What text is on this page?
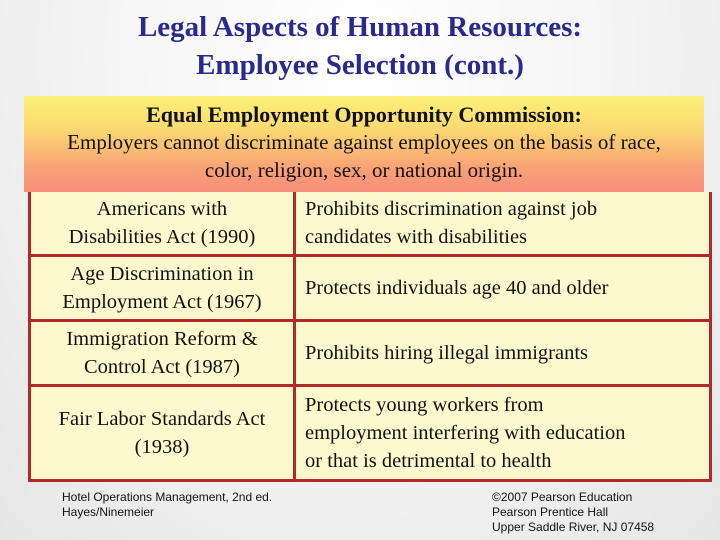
Legal Aspects of Human Resources:
Employee Selection (cont.)
Equal Employment Opportunity Commission:
Employers cannot discriminate against employees on the basis of race,
color, religion, sex, or national origin.
Americans with
Disabilities Act (1990)
Prohibits discrimination against job
candidates with disabilities
Age Discrimination in
Employment Act (1967)
Protects individuals age 40 and older
Immigration Reform &
Control Act (1987)
Prohibits hiring illegal immigrants
Fair Labor Standards Act
(1938)
Protects young workers from
employment interfering with education
or that is detrimental to health
Hotel Operations Management, 2nd ed.
Hayes/Ninemeier
©2007 Pearson Education
Pearson Prentice Hall
Upper Saddle River, NJ 07458
